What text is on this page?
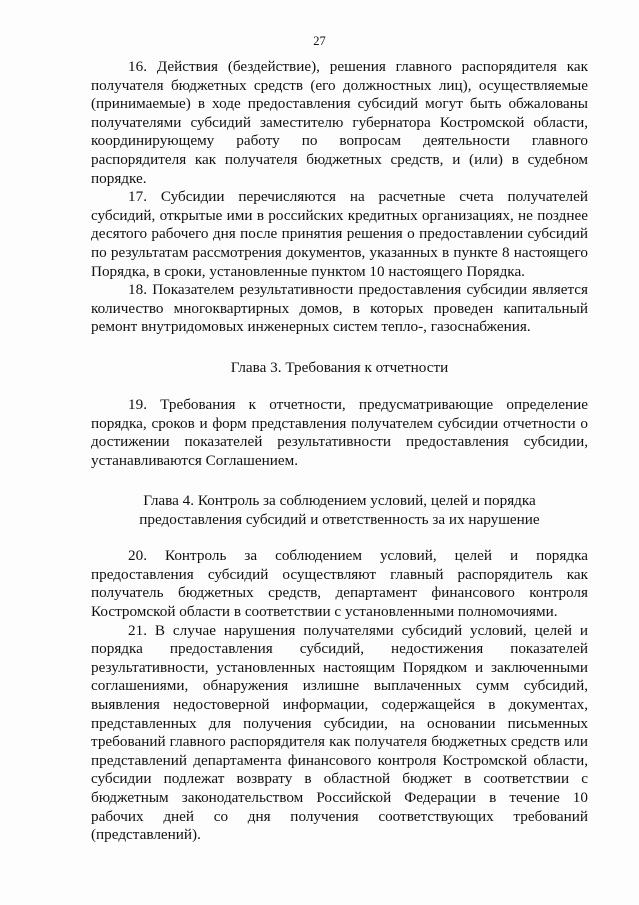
27

16. Действия (бездействие), решения главного распорядителя как получателя бюджетных средств (его должностных лиц), осуществляемые (принимаемые) в ходе предоставления субсидий могут быть обжалованы получателями субсидий заместителю губернатора Костромской области, координирующему работу по вопросам деятельности главного распорядителя как получателя бюджетных средств, и (или) в судебном порядке.

17. Субсидии перечисляются на расчетные счета получателей субсидий, открытые ими в российских кредитных организациях, не позднее десятого рабочего дня после принятия решения о предоставлении субсидий по результатам рассмотрения документов, указанных в пункте 8 настоящего Порядка, в сроки, установленные пунктом 10 настоящего Порядка.

18. Показателем результативности предоставления субсидии является количество многоквартирных домов, в которых проведен капитальный ремонт внутридомовых инженерных систем тепло-, газоснабжения.

Глава 3. Требования к отчетности

19. Требования к отчетности, предусматривающие определение порядка, сроков и форм представления получателем субсидии отчетности о достижении показателей результативности предоставления субсидии, устанавливаются Соглашением.

Глава 4. Контроль за соблюдением условий, целей и порядка
предоставления субсидий и ответственность за их нарушение

20. Контроль за соблюдением условий, целей и порядка предоставления субсидий осуществляют главный распорядитель как получатель бюджетных средств, департамент финансового контроля Костромской области в соответствии с установленными полномочиями.

21. В случае нарушения получателями субсидий условий, целей и порядка предоставления субсидий, недостижения показателей результативности, установленных настоящим Порядком и заключенными соглашениями, обнаружения излишне выплаченных сумм субсидий, выявления недостоверной информации, содержащейся в документах, представленных для получения субсидии, на основании письменных требований главного распорядителя как получателя бюджетных средств или представлений департамента финансового контроля Костромской области, субсидии подлежат возврату в областной бюджет в соответствии с бюджетным законодательством Российской Федерации в течение 10 рабочих дней со дня получения соответствующих требований (представлений).
